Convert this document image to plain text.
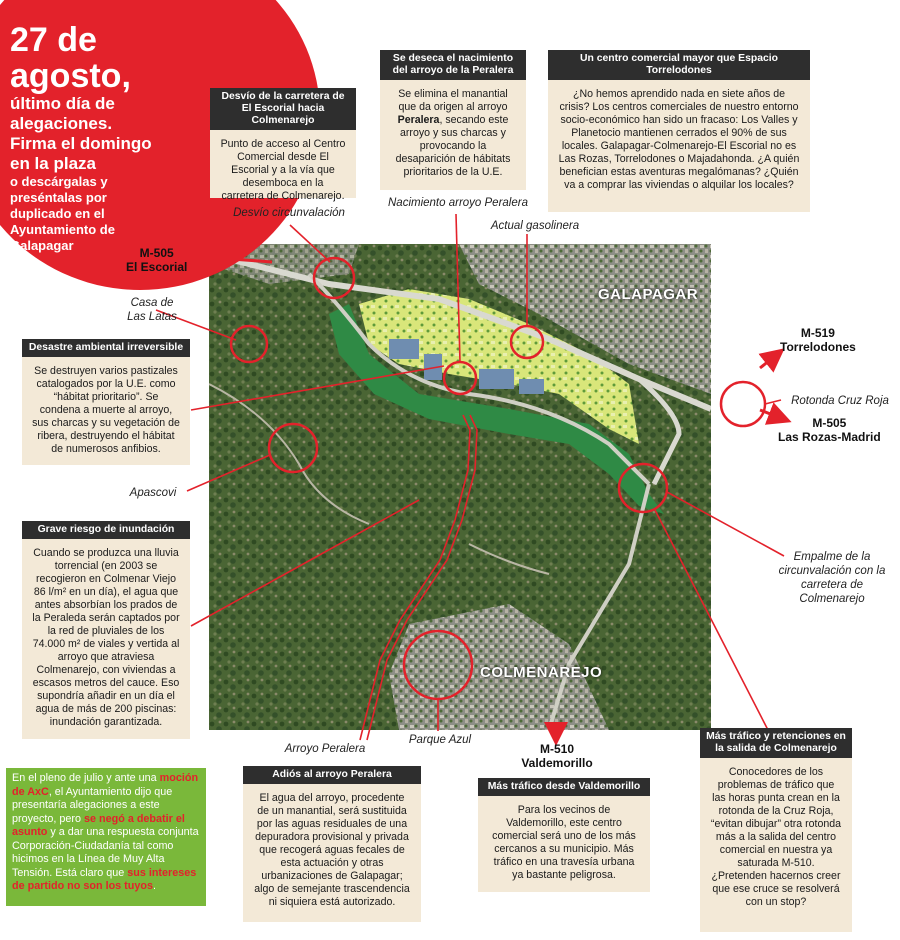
27 de
agosto,
último día de
alegaciones.
Firma el domingo
en la plaza
o descárgalas y
preséntalas por
duplicado en el
Ayuntamiento de
Galapagar
Desvío de la carretera de El Escorial hacia Colmenarejo
Punto de acceso al Centro Comercial desde El Escorial y a la vía que desemboca en la carretera de Colmenarejo.
Se deseca el nacimiento del arroyo de la Peralera
Se elimina el manantial que da origen al arroyo Peralera, secando este arroyo y sus charcas y provocando la desaparición de hábitats prioritarios de la U.E.
Un centro comercial mayor que Espacio Torrelodones
¿No hemos aprendido nada en siete años de crisis? Los centros comerciales de nuestro entorno socio-económico han sido un fracaso: Los Valles y Planetocio mantienen cerrados el 90% de sus locales. Galapagar-Colmenarejo-El Escorial no es Las Rozas, Torrelodones o Majadahonda. ¿A quién benefician estas aventuras megalómanas? ¿Quién va a comprar las viviendas o alquilar los locales?
Desastre ambiental irreversible
Se destruyen varios pastizales catalogados por la U.E. como “hábitat prioritario”. Se condena a muerte al arroyo, sus charcas y su vegetación de ribera, destruyendo el hábitat de numerosos anfibios.
Grave riesgo de inundación
Cuando se produzca una lluvia torrencial (en 2003 se recogieron en Colmenar Viejo 86 l/m² en un día), el agua que antes absorbían los prados de la Peraleda serán captados por la red de pluviales de los 74.000 m² de viales y vertida al arroyo que atraviesa Colmenarejo, con viviendas a escasos metros del cauce. Eso supondría añadir en un día el agua de más de 200 piscinas: inundación garantizada.
Adiós al arroyo Peralera
El agua del arroyo, procedente de un manantial, será sustituida por las aguas residuales de una depuradora provisional y privada que recogerá aguas fecales de esta actuación y otras urbanizaciones de Galapagar; algo de semejante trascendencia ni siquiera está autorizado.
Más tráfico desde Valdemorillo
Para los vecinos de Valdemorillo, este centro comercial será uno de los más cercanos a su municipio. Más tráfico en una travesía urbana ya bastante peligrosa.
Más tráfico y retenciones en la salida de Colmenarejo
Conocedores de los problemas de tráfico que las horas punta crean en la rotonda de la Cruz Roja, “evitan dibujar” otra rotonda más a la salida del centro comercial en nuestra ya saturada M-510. ¿Pretenden hacernos creer que ese cruce se resolverá con un stop?
En el pleno de julio y ante una moción de AxC, el Ayuntamiento dijo que presentaría alegaciones a este proyecto, pero se negó a debatir el asunto y a dar una respuesta conjunta Corporación-Ciudadanía tal como hicimos en la Línea de Muy Alta Tensión. Está claro que sus intereses de partido no son los tuyos.
Desvío circunvalación
Nacimiento arroyo Peralera
Actual gasolinera
Casa de
Las Latas
Apascovi
Rotonda Cruz Roja
Empalme de la circunvalación con la carretera de Colmenarejo
Arroyo Peralera
Parque Azul
M-505
El Escorial
M-519
Torrelodones
M-505
Las Rozas-Madrid
M-510
Valdemorillo
GALAPAGAR
COLMENAREJO
